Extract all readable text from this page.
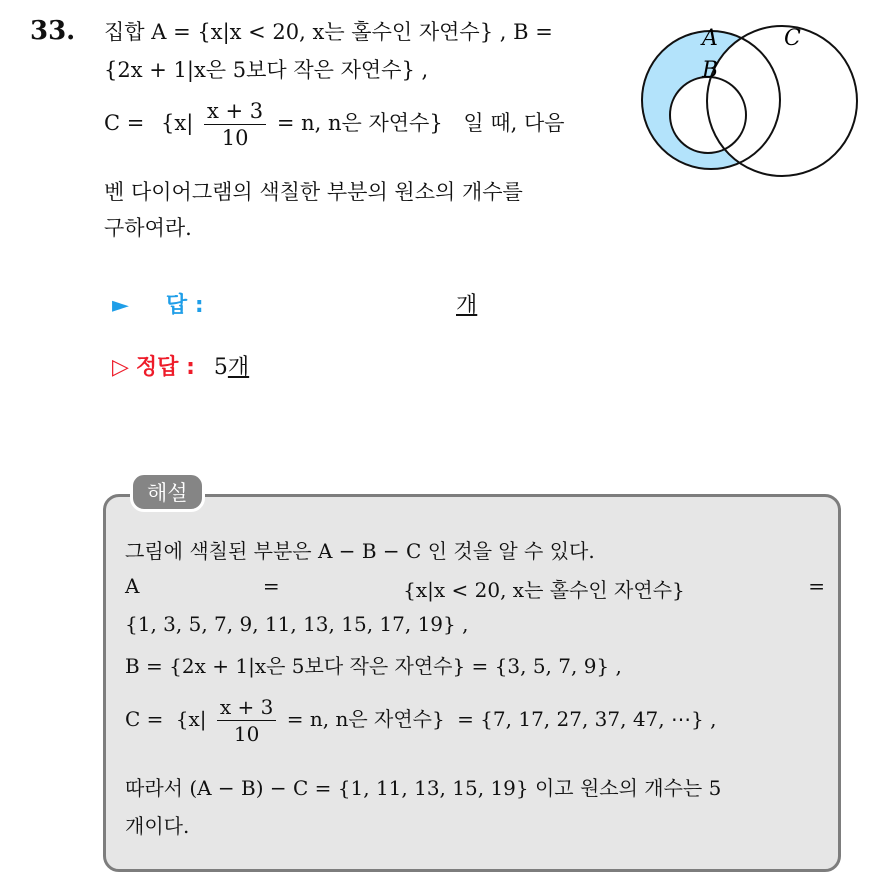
33. 집합 A = {x|x < 20, x는 홀수인 자연수} , B =
{2x + 1|x은 5보다 작은 자연수} ,
$C = \{x| \frac{x + 3}{10} = n$, n은 자연수} 일 때, 다음
벤 다이어그램의 색칠한 부분의 원소의 개수를
구하여라.
A
B
C
► 답 :	개
▷ 정답 : 5개
해설
그림에 색칠된 부분은 A − B − C 인 것을 알 수 있다.
A	=	{x|x < 20, x는 홀수인 자연수}	=
{1, 3, 5, 7, 9, 11, 13, 15, 17, 19} ,
B = {2x + 1|x은 5보다 작은 자연수} = {3, 5, 7, 9} ,
$C = \{x| \frac{x + 3}{10} = n$, n은 자연수} = {7, 17, 27, 37, 47, ⋯} ,
따라서 (A − B) − C = {1, 11, 13, 15, 19} 이고 원소의 개수는 5
개이다.
